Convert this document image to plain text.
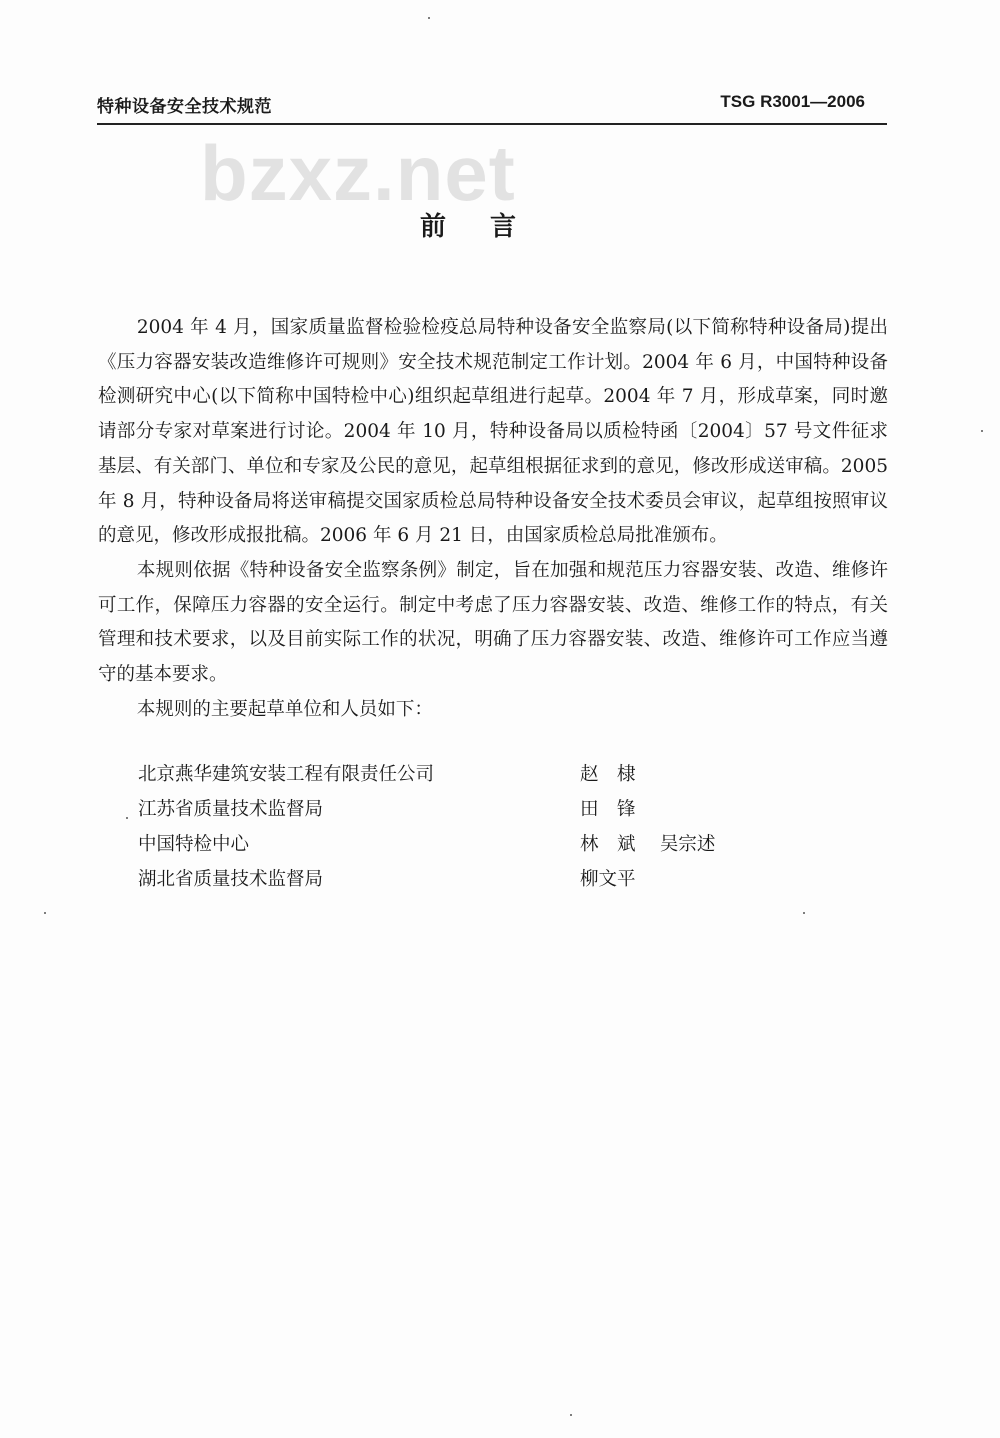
特种设备安全技术规范	TSG R3001—2006
bzxz.net
前言

2004 年 4 月，国家质量监督检验检疫总局特种设备安全监察局(以下简称特种设备局)提出《压力容器安装改造维修许可规则》安全技术规范制定工作计划。2004 年 6 月，中国特种设备检测研究中心(以下简称中国特检中心)组织起草组进行起草。2004 年 7 月，形成草案，同时邀请部分专家对草案进行讨论。2004 年 10 月，特种设备局以质检特函〔2004〕57 号文件征求基层、有关部门、单位和专家及公民的意见，起草组根据征求到的意见，修改形成送审稿。2005 年 8 月，特种设备局将送审稿提交国家质检总局特种设备安全技术委员会审议，起草组按照审议的意见，修改形成报批稿。2006 年 6 月 21 日，由国家质检总局批准颁布。

本规则依据《特种设备安全监察条例》制定，旨在加强和规范压力容器安装、改造、维修许可工作，保障压力容器的安全运行。制定中考虑了压力容器安装、改造、维修工作的特点，有关管理和技术要求，以及目前实际工作的状况，明确了压力容器安装、改造、维修许可工作应当遵守的基本要求。

本规则的主要起草单位和人员如下：

北京燕华建筑安装工程有限责任公司	赵　棣
江苏省质量技术监督局	田　锋
中国特检中心	林　斌　 吴宗述
湖北省质量技术监督局	柳文平
